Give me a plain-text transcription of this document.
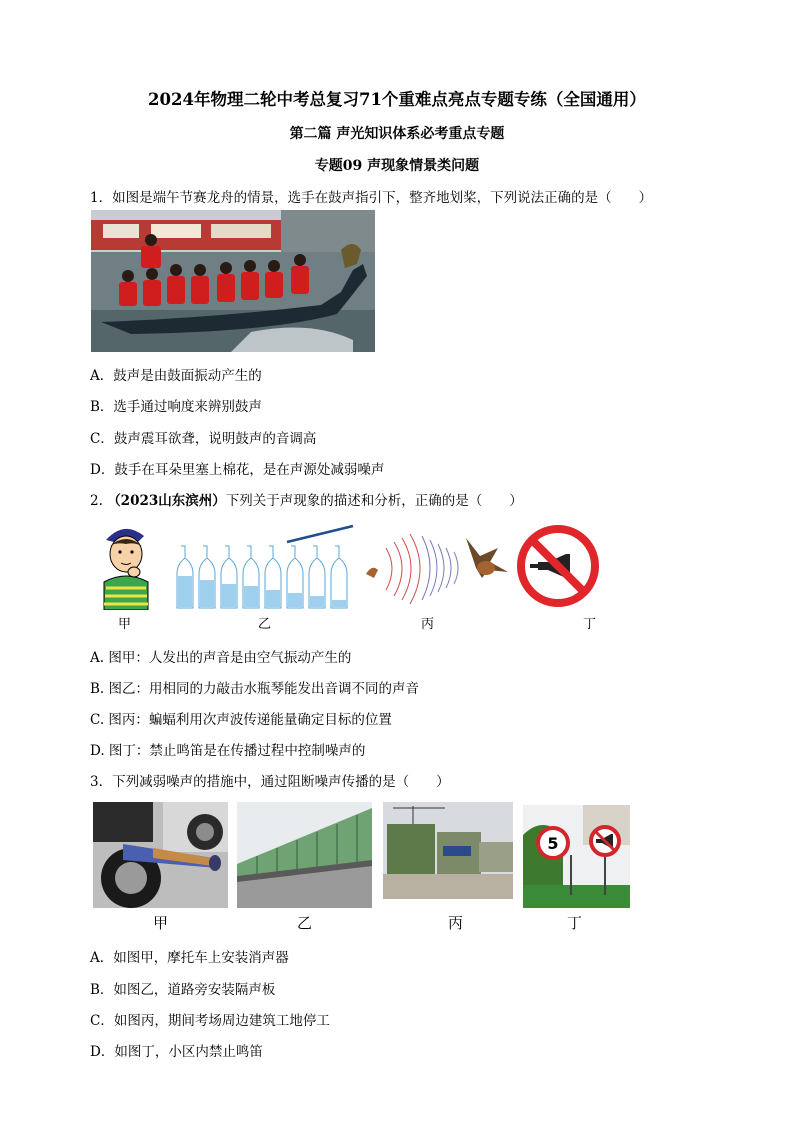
2024年物理二轮中考总复习71个重难点亮点专题专练（全国通用）
第二篇 声光知识体系必考重点专题
专题09 声现象情景类问题
1．如图是端午节赛龙舟的情景，选手在鼓声指引下，整齐地划桨，下列说法正确的是（　　）
A．鼓声是由鼓面振动产生的
B．选手通过响度来辨别鼓声
C．鼓声震耳欲聋，说明鼓声的音调高
D．鼓手在耳朵里塞上棉花，是在声源处减弱噪声
2. （2023山东滨州）下列关于声现象的描述和分析，正确的是（　　）
甲	乙	丙	丁
A. 图甲：人发出的声音是由空气振动产生的
B. 图乙：用相同的力敲击水瓶琴能发出音调不同的声音
C. 图丙：蝙蝠利用次声波传递能量确定目标的位置
D. 图丁：禁止鸣笛是在传播过程中控制噪声的
3．下列减弱噪声的措施中，通过阻断噪声传播的是（　　）
甲	乙	丙
5
丁
A．如图甲，摩托车上安装消声器
B．如图乙，道路旁安装隔声板
C．如图丙，期间考场周边建筑工地停工
D．如图丁，小区内禁止鸣笛
